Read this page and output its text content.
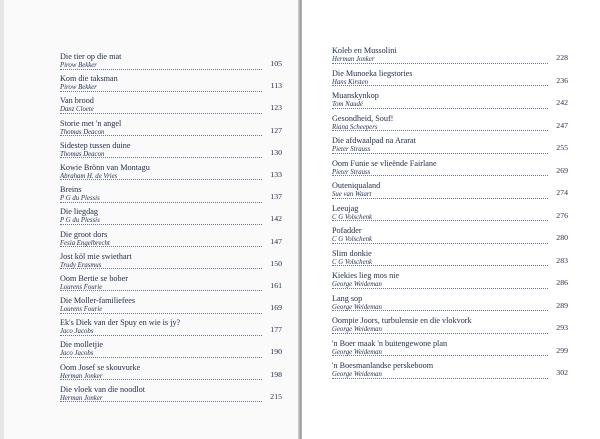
Die tier op die mat
Pirow Bekker	105
Kom die taksman
Pirow Bekker	113
Van brood
Danz Cloete	123
Storie met 'n angel
Thomas Deacon	127
Sidestep tussen duine
Thomas Deacon	130
Kowie Brönn van Montagu
Abraham H. de Vries	133
Breins
P G du Plessis	137
Die liegdag
P G du Plessis	142
Die groot dors
Fesia Engelbrecht	147
Jost köl mie swiethart
Trudy Erasmus	150
Oom Bertie se bober
Lourens Fourie	161
Die Moller-familiefees
Lourens Fourie	169
Ek's Diek van der Spuy en wie is jy?
Jaco Jacobs	177
Die molletjie
Jaco Jacobs	190
Oom Josef se skouvurke
Herman Jonker	198
Die vloek van die noodlot
Herman Jonker	215
Koleb en Mussolini
Herman Jonker	228
Die Munoeka liegstories
Hans Kirsten	236
Muanskynkop
Tom Naudé	242
Gesondheid, Souf!
Riana Scheepers	247
Die afdwaalpad na Ararat
Pieter Strauss	255
Oom Funie se vlieënde Fairlane
Pieter Strauss	269
Outeniqualand
Sue van Waart	274
Leeujag
C G Volschenk	276
Pofadder
C G Volschenk	280
Slim donkie
C G Volschenk	283
Kiekies lieg mos nie
George Weideman	286
Lang sop
George Weideman	289
Oompie Joors, turbulensie en die vlokvork
George Weideman	293
'n Boer maak 'n buitengewone plan
George Weideman	299
'n Boesmanlandse perskeboom
George Weideman	302
